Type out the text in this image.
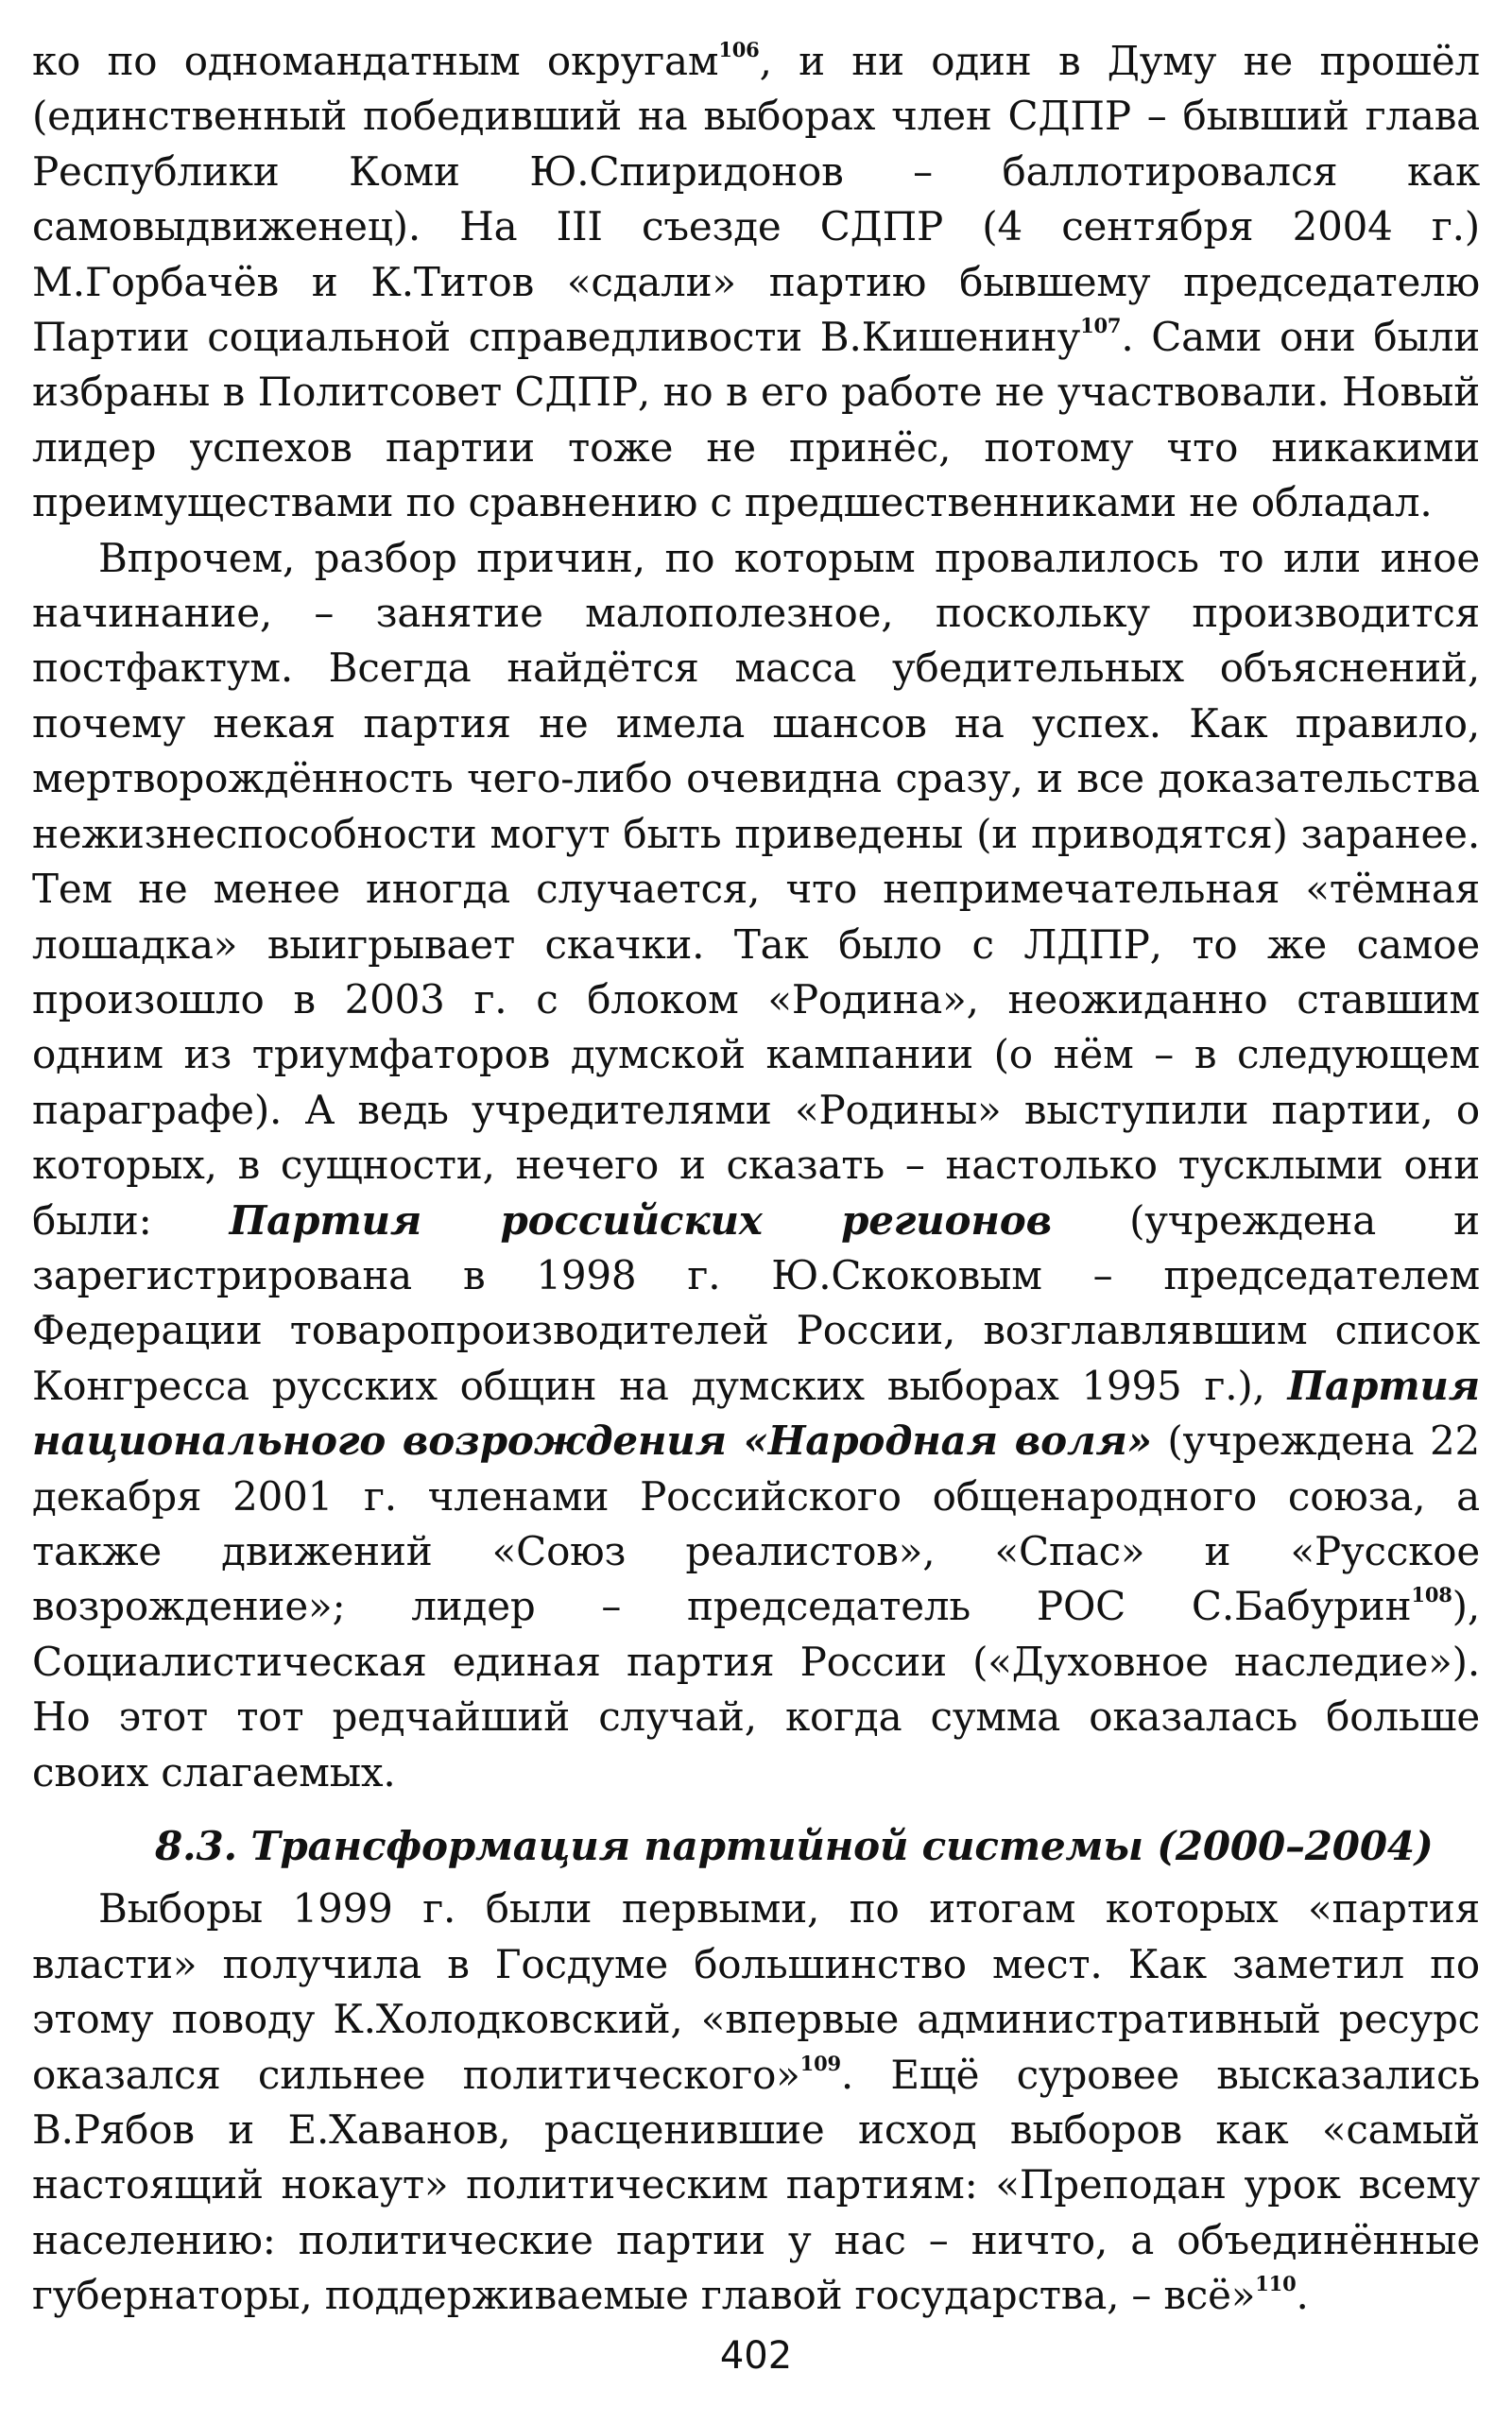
ко по одномандатным округам$^{106}$, и ни один в Думу не прошёл (единственный победивший на выборах член СДПР – бывший глава Республики Коми Ю.Спиридонов – баллотировался как самовыдвиженец). На III съезде СДПР (4 сентября 2004 г.) М.Горбачёв и К.Титов «сдали» партию бывшему председателю Партии социальной справедливости В.Кишенину$^{107}$. Сами они были избраны в Политсовет СДПР, но в его работе не участвовали. Новый лидер успехов партии тоже не принёс, потому что никакими преимуществами по сравнению с предшественниками не обладал.

Впрочем, разбор причин, по которым провалилось то или иное начинание, – занятие малополезное, поскольку производится постфактум. Всегда найдётся масса убедительных объяснений, почему некая партия не имела шансов на успех. Как правило, мертворождённость чего-либо очевидна сразу, и все доказательства нежизнеспособности могут быть приведены (и приводятся) заранее. Тем не менее иногда случается, что непримечательная «тёмная лошадка» выигрывает скачки. Так было с ЛДПР, то же самое произошло в 2003 г. с блоком «Родина», неожиданно ставшим одним из триумфаторов думской кампании (о нём – в следующем параграфе). А ведь учредителями «Родины» выступили партии, о которых, в сущности, нечего и сказать – настолько тусклыми они были: Партия российских регионов (учреждена и зарегистрирована в 1998 г. Ю.Скоковым – председателем Федерации товаропроизводителей России, возглавлявшим список Конгресса русских общин на думских выборах 1995 г.), Партия национального возрождения «Народная воля» (учреждена 22 декабря 2001 г. членами Российского общенародного союза, а также движений «Союз реалистов», «Спас» и «Русское возрождение»; лидер – председатель РОС С.Бабурин$^{108}$), Социалистическая единая партия России («Духовное наследие»). Но этот тот редчайший случай, когда сумма оказалась больше своих слагаемых.

8.3. Трансформация партийной системы (2000–2004)

Выборы 1999 г. были первыми, по итогам которых «партия власти» получила в Госдуме большинство мест. Как заметил по этому поводу К.Холодковский, «впервые административный ресурс оказался сильнее политического»$^{109}$. Ещё суровее высказались В.Рябов и Е.Хаванов, расценившие исход выборов как «самый настоящий нокаут» политическим партиям: «Преподан урок всему населению: политические партии у нас – ничто, а объединённые губернаторы, поддерживаемые главой государства, – всё»$^{110}$.

402
